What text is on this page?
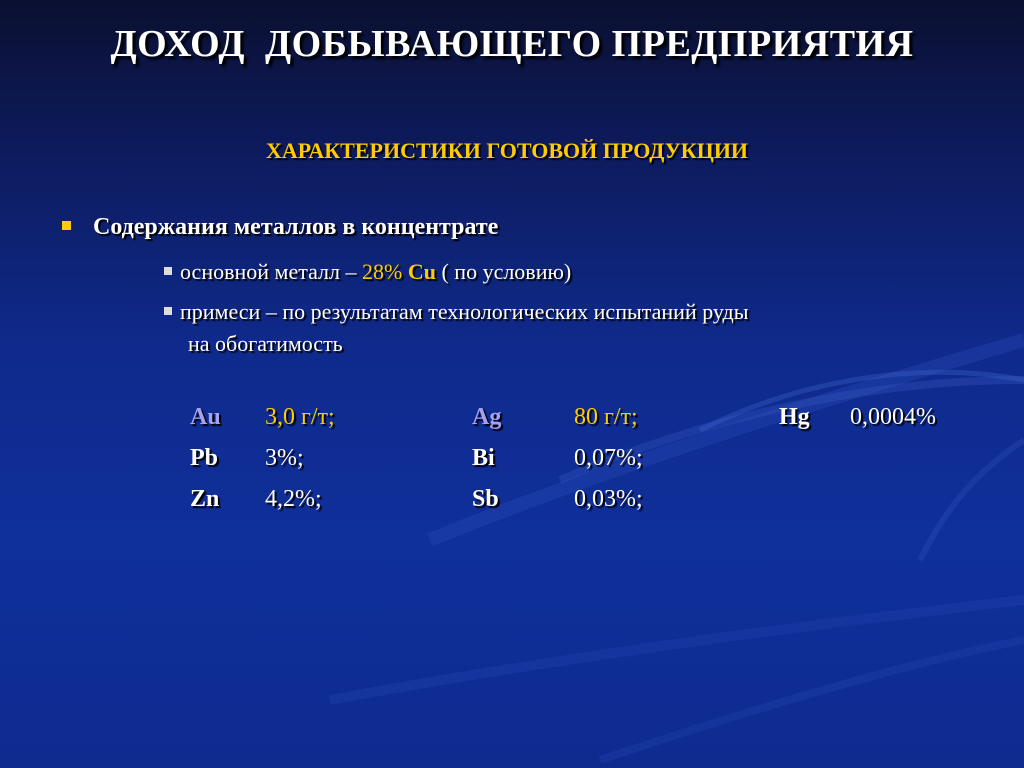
ДОХОД  ДОБЫВАЮЩЕГО ПРЕДПРИЯТИЯ
ХАРАКТЕРИСТИКИ ГОТОВОЙ ПРОДУКЦИИ
Содержания металлов в концентрате
основной металл – 28% Cu ( по условию)
примеси – по результатам технологических испытаний руды
на обогатимость
Au 3,0 г/т;	Ag	80 г/т;	Hg 0,0004%
Pb 3%;	Bi	0,07%;
Zn 4,2%;	Sb	0,03%;
